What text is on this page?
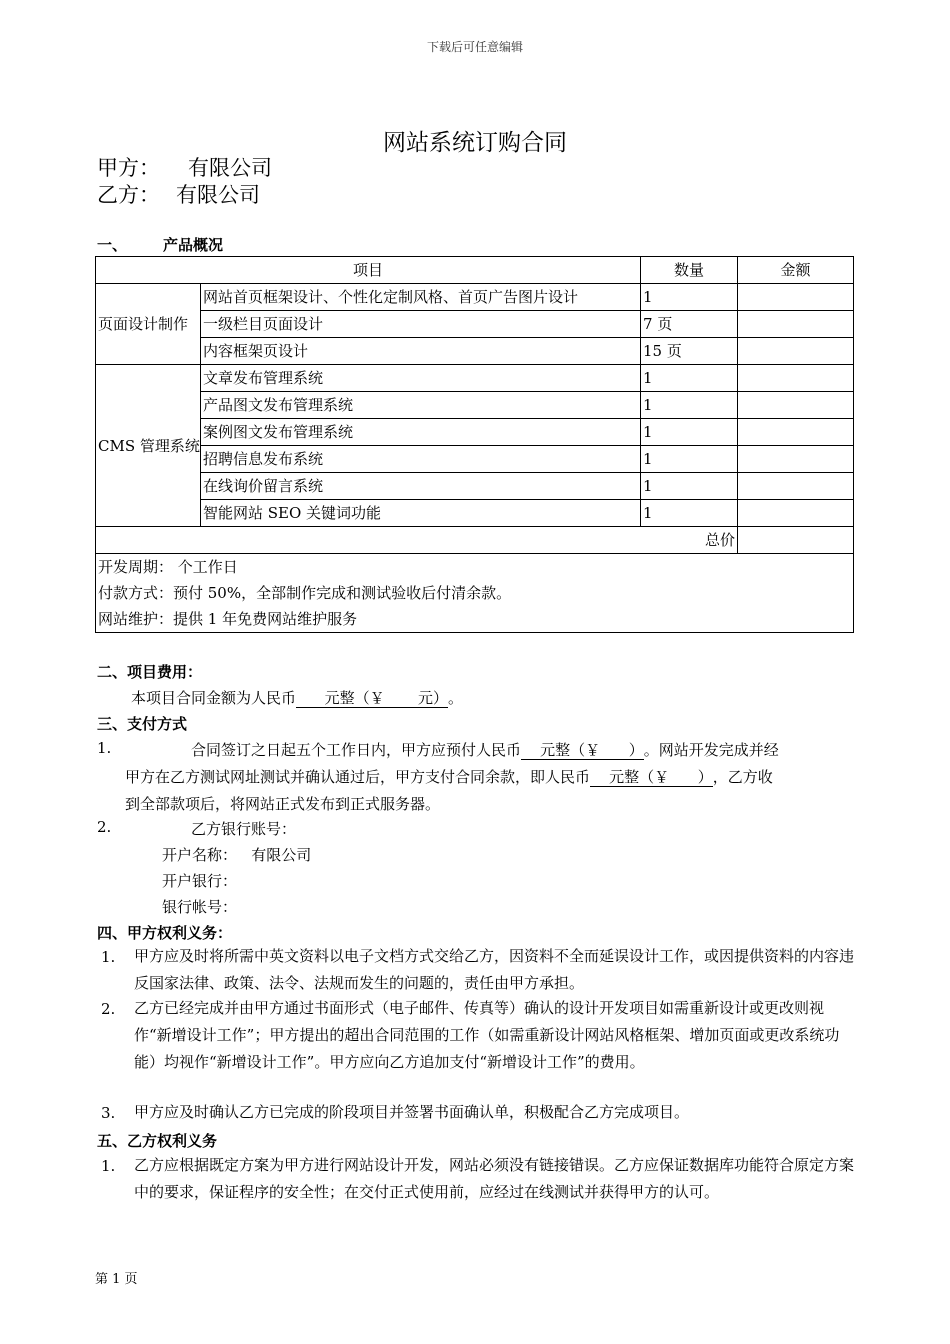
下载后可任意编辑
网站系统订购合同
甲方： 有限公司
乙方： 有限公司
一、 产品概况
项目		数量	金额
页面设计制作	网站首页框架设计、个性化定制风格、首页广告图片设计	1	
	一级栏目页面设计	7 页	
	内容框架页设计	15 页	
CMS 管理系统	文章发布管理系统	1	
	产品图文发布管理系统	1	
	案例图文发布管理系统	1	
	招聘信息发布系统	1	
	在线询价留言系统	1	
	智能网站 SEO 关键词功能	1	
总价			
开发周期： 个工作日			
付款方式：预付 50%，全部制作完成和测试验收后付清余款。			
网站维护：提供 1 年免费网站维护服务			
二、项目费用：
本项目合同金额为人民币      元整（￥       元）。
三、支付方式
1.	合同签订之日起五个工作日内，甲方应预付人民币    元整（￥      ）。网站开发完成并经
甲方在乙方测试网址测试并确认通过后，甲方支付合同余款，即人民币    元整（￥      ），乙方收
到全部款项后，将网站正式发布到正式服务器。
2.	乙方银行账号：
开户名称：   有限公司
开户银行：
银行帐号：
四、甲方权利义务：
1. 甲方应及时将所需中英文资料以电子文档方式交给乙方，因资料不全而延误设计工作，或因提供资料的内容违反国家法律、政策、法令、法规而发生的问题的，责任由甲方承担。
2. 乙方已经完成并由甲方通过书面形式（电子邮件、传真等）确认的设计开发项目如需重新设计或更改则视作“新增设计工作”；甲方提出的超出合同范围的工作（如需重新设计网站风格框架、增加页面或更改系统功能）均视作“新增设计工作”。甲方应向乙方追加支付“新增设计工作”的费用。
3. 甲方应及时确认乙方已完成的阶段项目并签署书面确认单，积极配合乙方完成项目。
五、乙方权利义务
1. 乙方应根据既定方案为甲方进行网站设计开发，网站必须没有链接错误。乙方应保证数据库功能符合原定方案中的要求，保证程序的安全性；在交付正式使用前，应经过在线测试并获得甲方的认可。
第 1 页
